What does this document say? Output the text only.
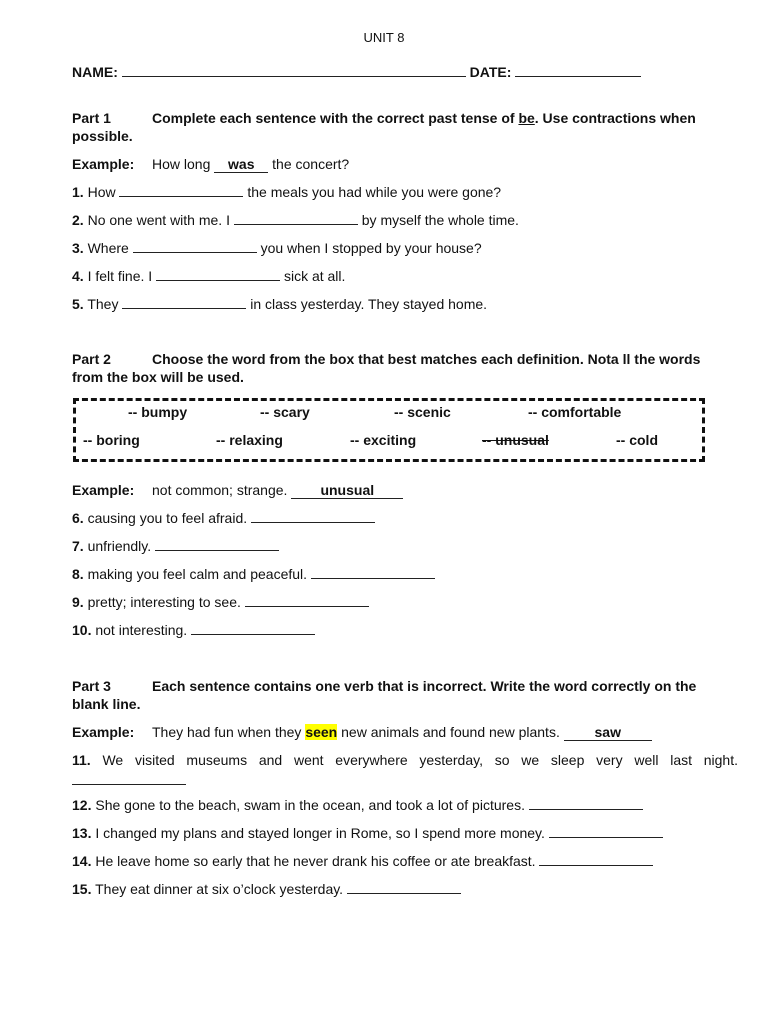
UNIT 8
NAME:	DATE:
Part 1	Complete each sentence with the correct past tense of be. Use contractions when
possible.
Example: How long was the concert?
1. How	the meals you had while you were gone?
2. No one went with me. I	by myself the whole time.
3. Where	you when I stopped by your house?
4. I felt fine. I	sick at all.
5. They	in class yesterday. They stayed home.
Part 2	Choose the word from the box that best matches each definition. Nota ll the words
from the box will be used.
-- bumpy	-- scary	-- scenic	-- comfortable
-- boring	-- relaxing	-- exciting	-- unusual	-- cold
Example: not common; strange. unusual
6. causing you to feel afraid.
7. unfriendly.
8. making you feel calm and peaceful.
9. pretty; interesting to see.
10. not interesting.
Part 3	Each sentence contains one verb that is incorrect. Write the word correctly on the
blank line.
Example: They had fun when they seen new animals and found new plants. saw
11. We visited museums and went everywhere yesterday, so we sleep very well last night.
12. She gone to the beach, swam in the ocean, and took a lot of pictures.
13. I changed my plans and stayed longer in Rome, so I spend more money.
14. He leave home so early that he never drank his coffee or ate breakfast.
15. They eat dinner at six o’clock yesterday.
